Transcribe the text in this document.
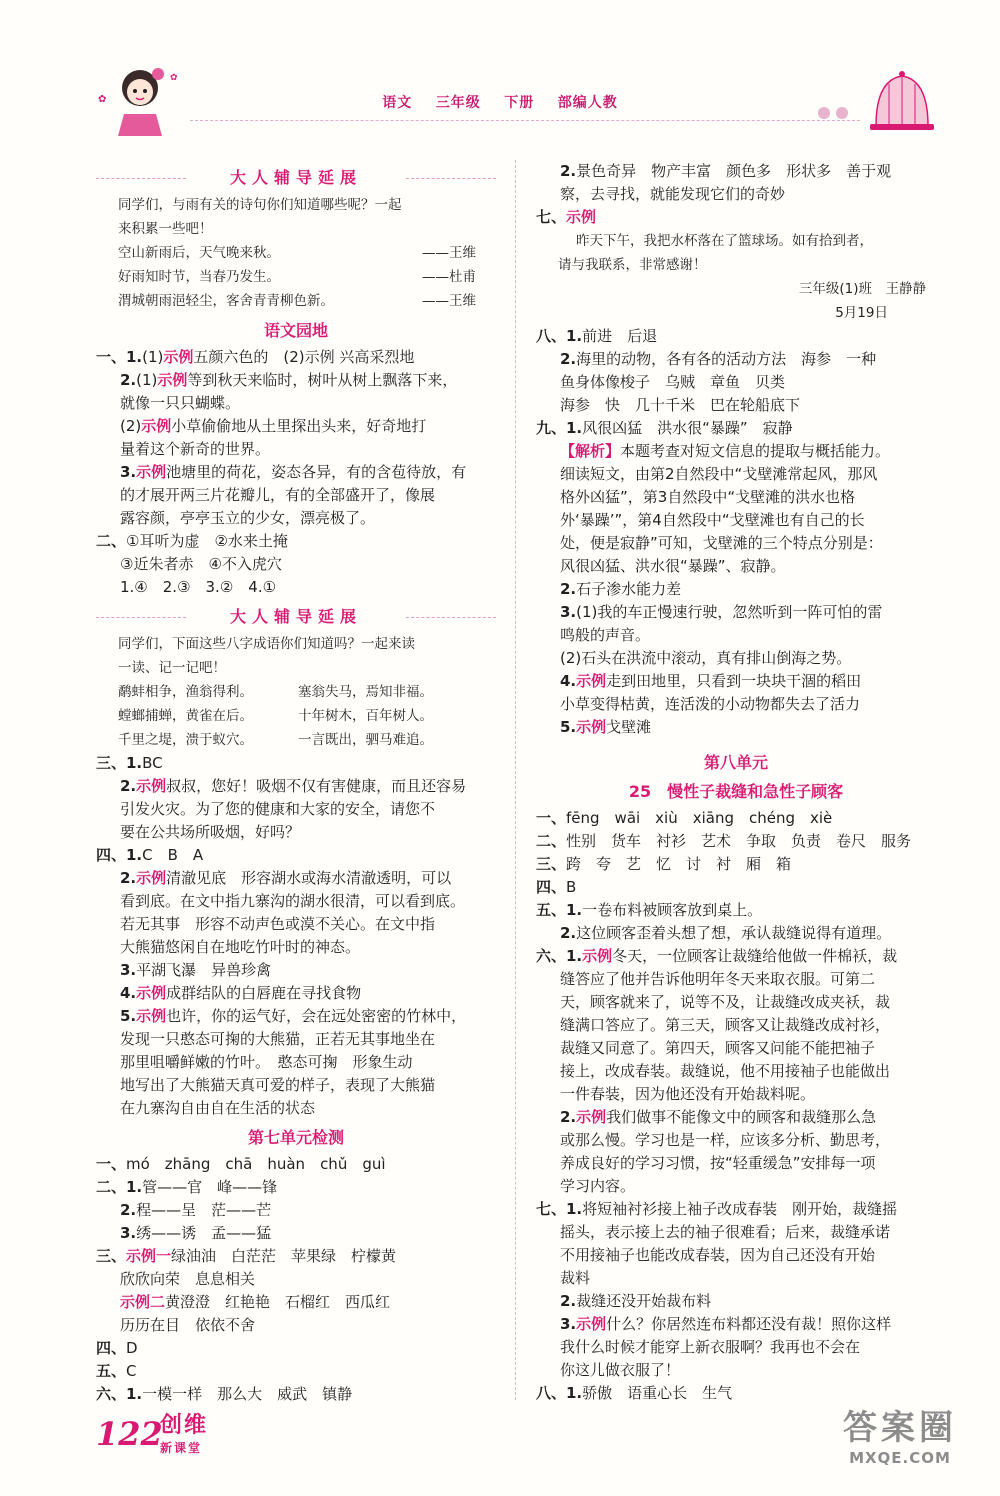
✿
✿
语文    三年级    下册    部编人教
大人辅导延展
同学们，与雨有关的诗句你们知道哪些呢？一起
来积累一些吧！
空山新雨后，天气晚来秋。	——王维
好雨知时节，当春乃发生。	——杜甫
渭城朝雨浥轻尘，客舍青青柳色新。	——王维
语文园地
一、1.(1)示例五颜六色的　(2)示例 兴高采烈地
2.(1)示例等到秋天来临时，树叶从树上飘落下来，
就像一只只蝴蝶。
(2)示例小草偷偷地从土里探出头来，好奇地打
量着这个新奇的世界。
3.示例池塘里的荷花，姿态各异，有的含苞待放，有
的才展开两三片花瓣儿，有的全部盛开了，像展
露容颜，亭亭玉立的少女，漂亮极了。
二、①耳听为虚　②水来土掩
③近朱者赤　④不入虎穴
1.④　2.③　3.②　4.①
大人辅导延展
同学们，下面这些八字成语你们知道吗？一起来读
一读、记一记吧！
鹬蚌相争，渔翁得利。	塞翁失马，焉知非福。
螳螂捕蝉，黄雀在后。	十年树木，百年树人。
千里之堤，溃于蚁穴。	一言既出，驷马难追。
三、1.BC
2.示例叔叔，您好！吸烟不仅有害健康，而且还容易
引发火灾。为了您的健康和大家的安全，请您不
要在公共场所吸烟，好吗？
四、1.C　B　A
2.示例清澈见底　形容湖水或海水清澈透明，可以
看到底。在文中指九寨沟的湖水很清，可以看到底。
若无其事　形容不动声色或漠不关心。在文中指
大熊猫悠闲自在地吃竹叶时的神态。
3.平湖飞瀑　异兽珍禽
4.示例成群结队的白唇鹿在寻找食物
5.示例也许，你的运气好，会在远处密密的竹林中，
发现一只憨态可掬的大熊猫，正若无其事地坐在
那里咀嚼鲜嫩的竹叶。　憨态可掬　形象生动
地写出了大熊猫天真可爱的样子，表现了大熊猫
在九寨沟自由自在生活的状态
第七单元检测
一、mó　zhāng　chā　huàn　chǔ　guì
二、1.管——官　峰——锋
2.程——呈　茫——芒
3.绣——诱　孟——猛
三、示例一绿油油　白茫茫　苹果绿　柠檬黄
欣欣向荣　息息相关
示例二黄澄澄　红艳艳　石榴红　西瓜红
历历在目　依依不舍
四、D
五、C
六、1.一模一样　那么大　威武　镇静
2.景色奇异　物产丰富　颜色多　形状多　善于观
察，去寻找，就能发现它们的奇妙
七、示例
昨天下午，我把水杯落在了篮球场。如有拾到者，
请与我联系，非常感谢！
三年级(1)班　王静静
5月19日
八、1.前进　后退
2.海里的动物，各有各的活动方法　海参　一种
鱼身体像梭子　乌贼　章鱼　贝类
海参　快　几十千米　巴在轮船底下
九、1.风很凶猛　洪水很“暴躁”　寂静
【解析】本题考查对短文信息的提取与概括能力。
细读短文，由第2自然段中“戈壁滩常起风，那风
格外凶猛”，第3自然段中“戈壁滩的洪水也格
外‘暴躁’”，第4自然段中“戈壁滩也有自己的长
处，便是寂静”可知，戈壁滩的三个特点分别是：
风很凶猛、洪水很“暴躁”、寂静。
2.石子渗水能力差
3.(1)我的车正慢速行驶，忽然听到一阵可怕的雷
鸣般的声音。
(2)石头在洪流中滚动，真有排山倒海之势。
4.示例走到田地里，只看到一块块干涸的稻田
小草变得枯黄，连活泼的小动物都失去了活力
5.示例戈壁滩
第八单元
25　慢性子裁缝和急性子顾客
一、fēng　wāi　xiù　xiāng　chéng　xiè
二、性别　货车　衬衫　艺术　争取　负责　卷尺　服务
三、跨　夸　艺　忆　讨　衬　厢　箱
四、B
五、1.一卷布料被顾客放到桌上。
2.这位顾客歪着头想了想，承认裁缝说得有道理。
六、1.示例冬天，一位顾客让裁缝给他做一件棉袄，裁
缝答应了他并告诉他明年冬天来取衣服。可第二
天，顾客就来了，说等不及，让裁缝改成夹袄，裁
缝满口答应了。第三天，顾客又让裁缝改成衬衫，
裁缝又同意了。第四天，顾客又问能不能把袖子
接上，改成春装。裁缝说，他不用接袖子也能做出
一件春装，因为他还没有开始裁料呢。
2.示例我们做事不能像文中的顾客和裁缝那么急
或那么慢。学习也是一样，应该多分析、勤思考，
养成良好的学习习惯，按“轻重缓急”安排每一项
学习内容。
七、1.将短袖衬衫接上袖子改成春装　刚开始，裁缝摇
摇头，表示接上去的袖子很难看；后来，裁缝承诺
不用接袖子也能改成春装，因为自己还没有开始
裁料
2.裁缝还没开始裁布料
3.示例什么？你居然连布料都还没有裁！照你这样
我什么时候才能穿上新衣服啊？我再也不会在
你这儿做衣服了！
八、1.骄傲　语重心长　生气
122
创维
新课堂	答案圈
MXQE.COM
